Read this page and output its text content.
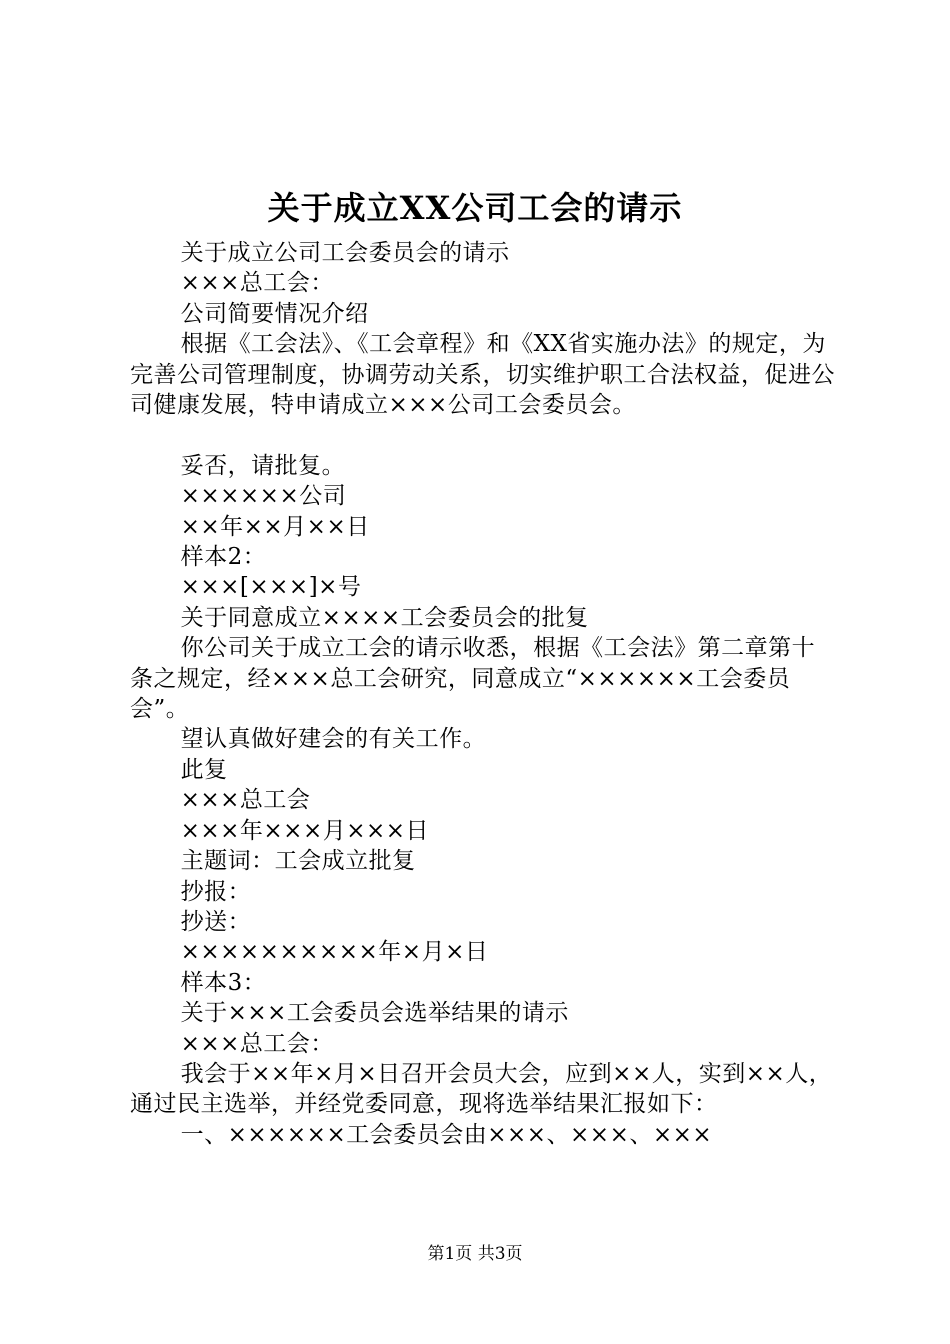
关于成立XX公司工会的请示

关于成立公司工会委员会的请示

×××总工会：

公司简要情况介绍

根据《工会法》、《工会章程》和《XX省实施办法》的规定，为完善公司管理制度，协调劳动关系，切实维护职工合法权益，促进公司健康发展，特申请成立×××公司工会委员会。

妥否，请批复。

××××××公司

××年××月××日

样本2：

×××[×××]×号

关于同意成立××××工会委员会的批复

你公司关于成立工会的请示收悉，根据《工会法》第二章第十条之规定，经×××总工会研究，同意成立“××××××工会委员会”。

望认真做好建会的有关工作。

此复

×××总工会

×××年×××月×××日

主题词：工会成立批复

抄报：

抄送：

××××××××××年×月×日

样本3：

关于×××工会委员会选举结果的请示

×××总工会：

我会于××年×月×日召开会员大会，应到××人，实到××人，通过民主选举，并经党委同意，现将选举结果汇报如下：

一、××××××工会委员会由×××、×××、×××

第1页 共3页
